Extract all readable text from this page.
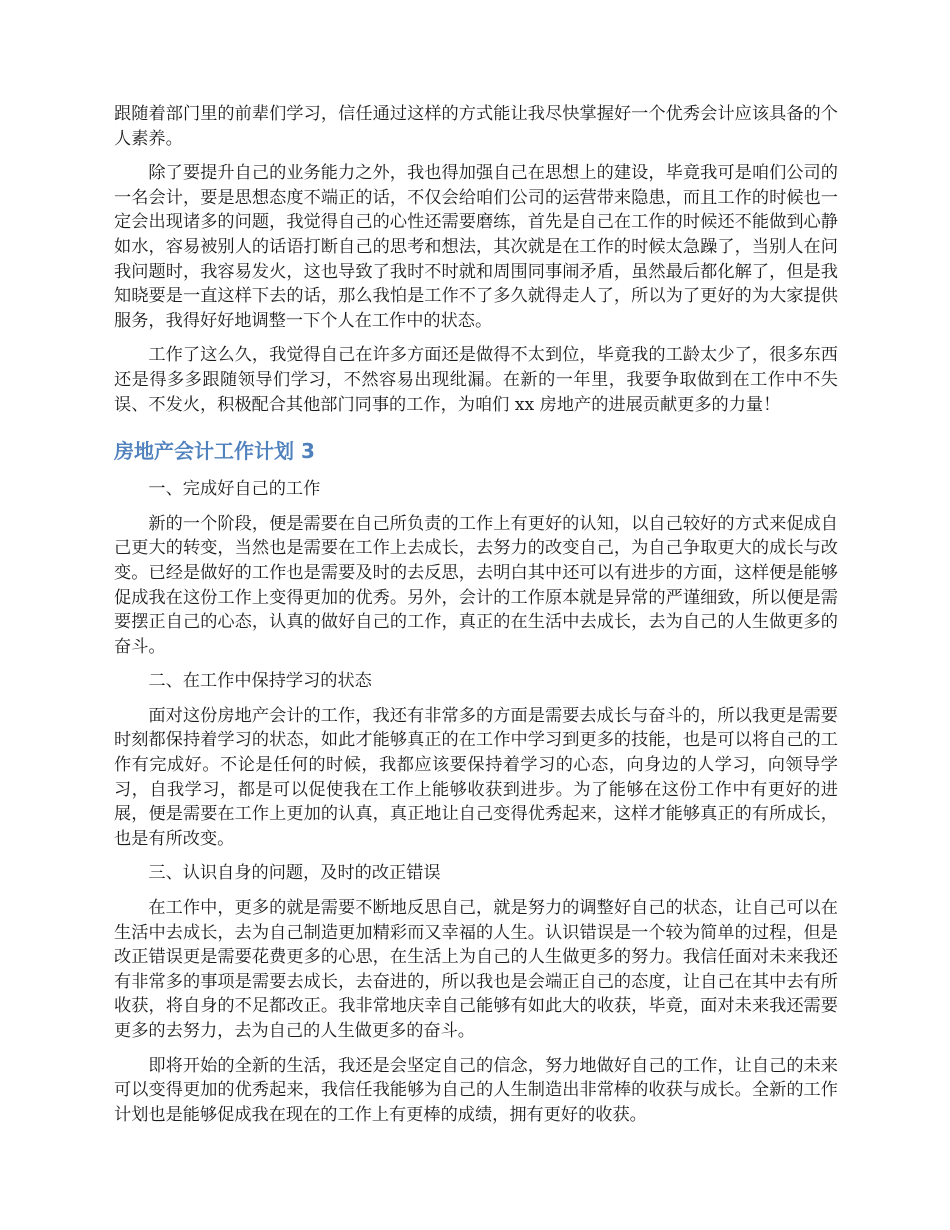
跟随着部门里的前辈们学习，信任通过这样的方式能让我尽快掌握好一个优秀会计应该具备的个人素养。

除了要提升自己的业务能力之外，我也得加强自己在思想上的建设，毕竟我可是咱们公司的一名会计，要是思想态度不端正的话，不仅会给咱们公司的运营带来隐患，而且工作的时候也一定会出现诸多的问题，我觉得自己的心性还需要磨练，首先是自己在工作的时候还不能做到心静如水，容易被别人的话语打断自己的思考和想法，其次就是在工作的时候太急躁了，当别人在问我问题时，我容易发火，这也导致了我时不时就和周围同事闹矛盾，虽然最后都化解了，但是我知晓要是一直这样下去的话，那么我怕是工作不了多久就得走人了，所以为了更好的为大家提供服务，我得好好地调整一下个人在工作中的状态。

工作了这么久，我觉得自己在许多方面还是做得不太到位，毕竟我的工龄太少了，很多东西还是得多多跟随领导们学习，不然容易出现纰漏。在新的一年里，我要争取做到在工作中不失误、不发火，积极配合其他部门同事的工作，为咱们 xx 房地产的进展贡献更多的力量！

房地产会计工作计划 3

一、完成好自己的工作

新的一个阶段，便是需要在自己所负责的工作上有更好的认知，以自己较好的方式来促成自己更大的转变，当然也是需要在工作上去成长，去努力的改变自己，为自己争取更大的成长与改变。已经是做好的工作也是需要及时的去反思，去明白其中还可以有进步的方面，这样便是能够促成我在这份工作上变得更加的优秀。另外，会计的工作原本就是异常的严谨细致，所以便是需要摆正自己的心态，认真的做好自己的工作，真正的在生活中去成长，去为自己的人生做更多的奋斗。

二、在工作中保持学习的状态

面对这份房地产会计的工作，我还有非常多的方面是需要去成长与奋斗的，所以我更是需要时刻都保持着学习的状态，如此才能够真正的在工作中学习到更多的技能，也是可以将自己的工作有完成好。不论是任何的时候，我都应该要保持着学习的心态，向身边的人学习，向领导学习，自我学习，都是可以促使我在工作上能够收获到进步。为了能够在这份工作中有更好的进展，便是需要在工作上更加的认真，真正地让自己变得优秀起来，这样才能够真正的有所成长，也是有所改变。

三、认识自身的问题，及时的改正错误

在工作中，更多的就是需要不断地反思自己，就是努力的调整好自己的状态，让自己可以在生活中去成长，去为自己制造更加精彩而又幸福的人生。认识错误是一个较为简单的过程，但是改正错误更是需要花费更多的心思，在生活上为自己的人生做更多的努力。我信任面对未来我还有非常多的事项是需要去成长，去奋进的，所以我也是会端正自己的态度，让自己在其中去有所收获，将自身的不足都改正。我非常地庆幸自己能够有如此大的收获，毕竟，面对未来我还需要更多的去努力，去为自己的人生做更多的奋斗。

即将开始的全新的生活，我还是会坚定自己的信念，努力地做好自己的工作，让自己的未来可以变得更加的优秀起来，我信任我能够为自己的人生制造出非常棒的收获与成长。全新的工作计划也是能够促成我在现在的工作上有更棒的成绩，拥有更好的收获。
